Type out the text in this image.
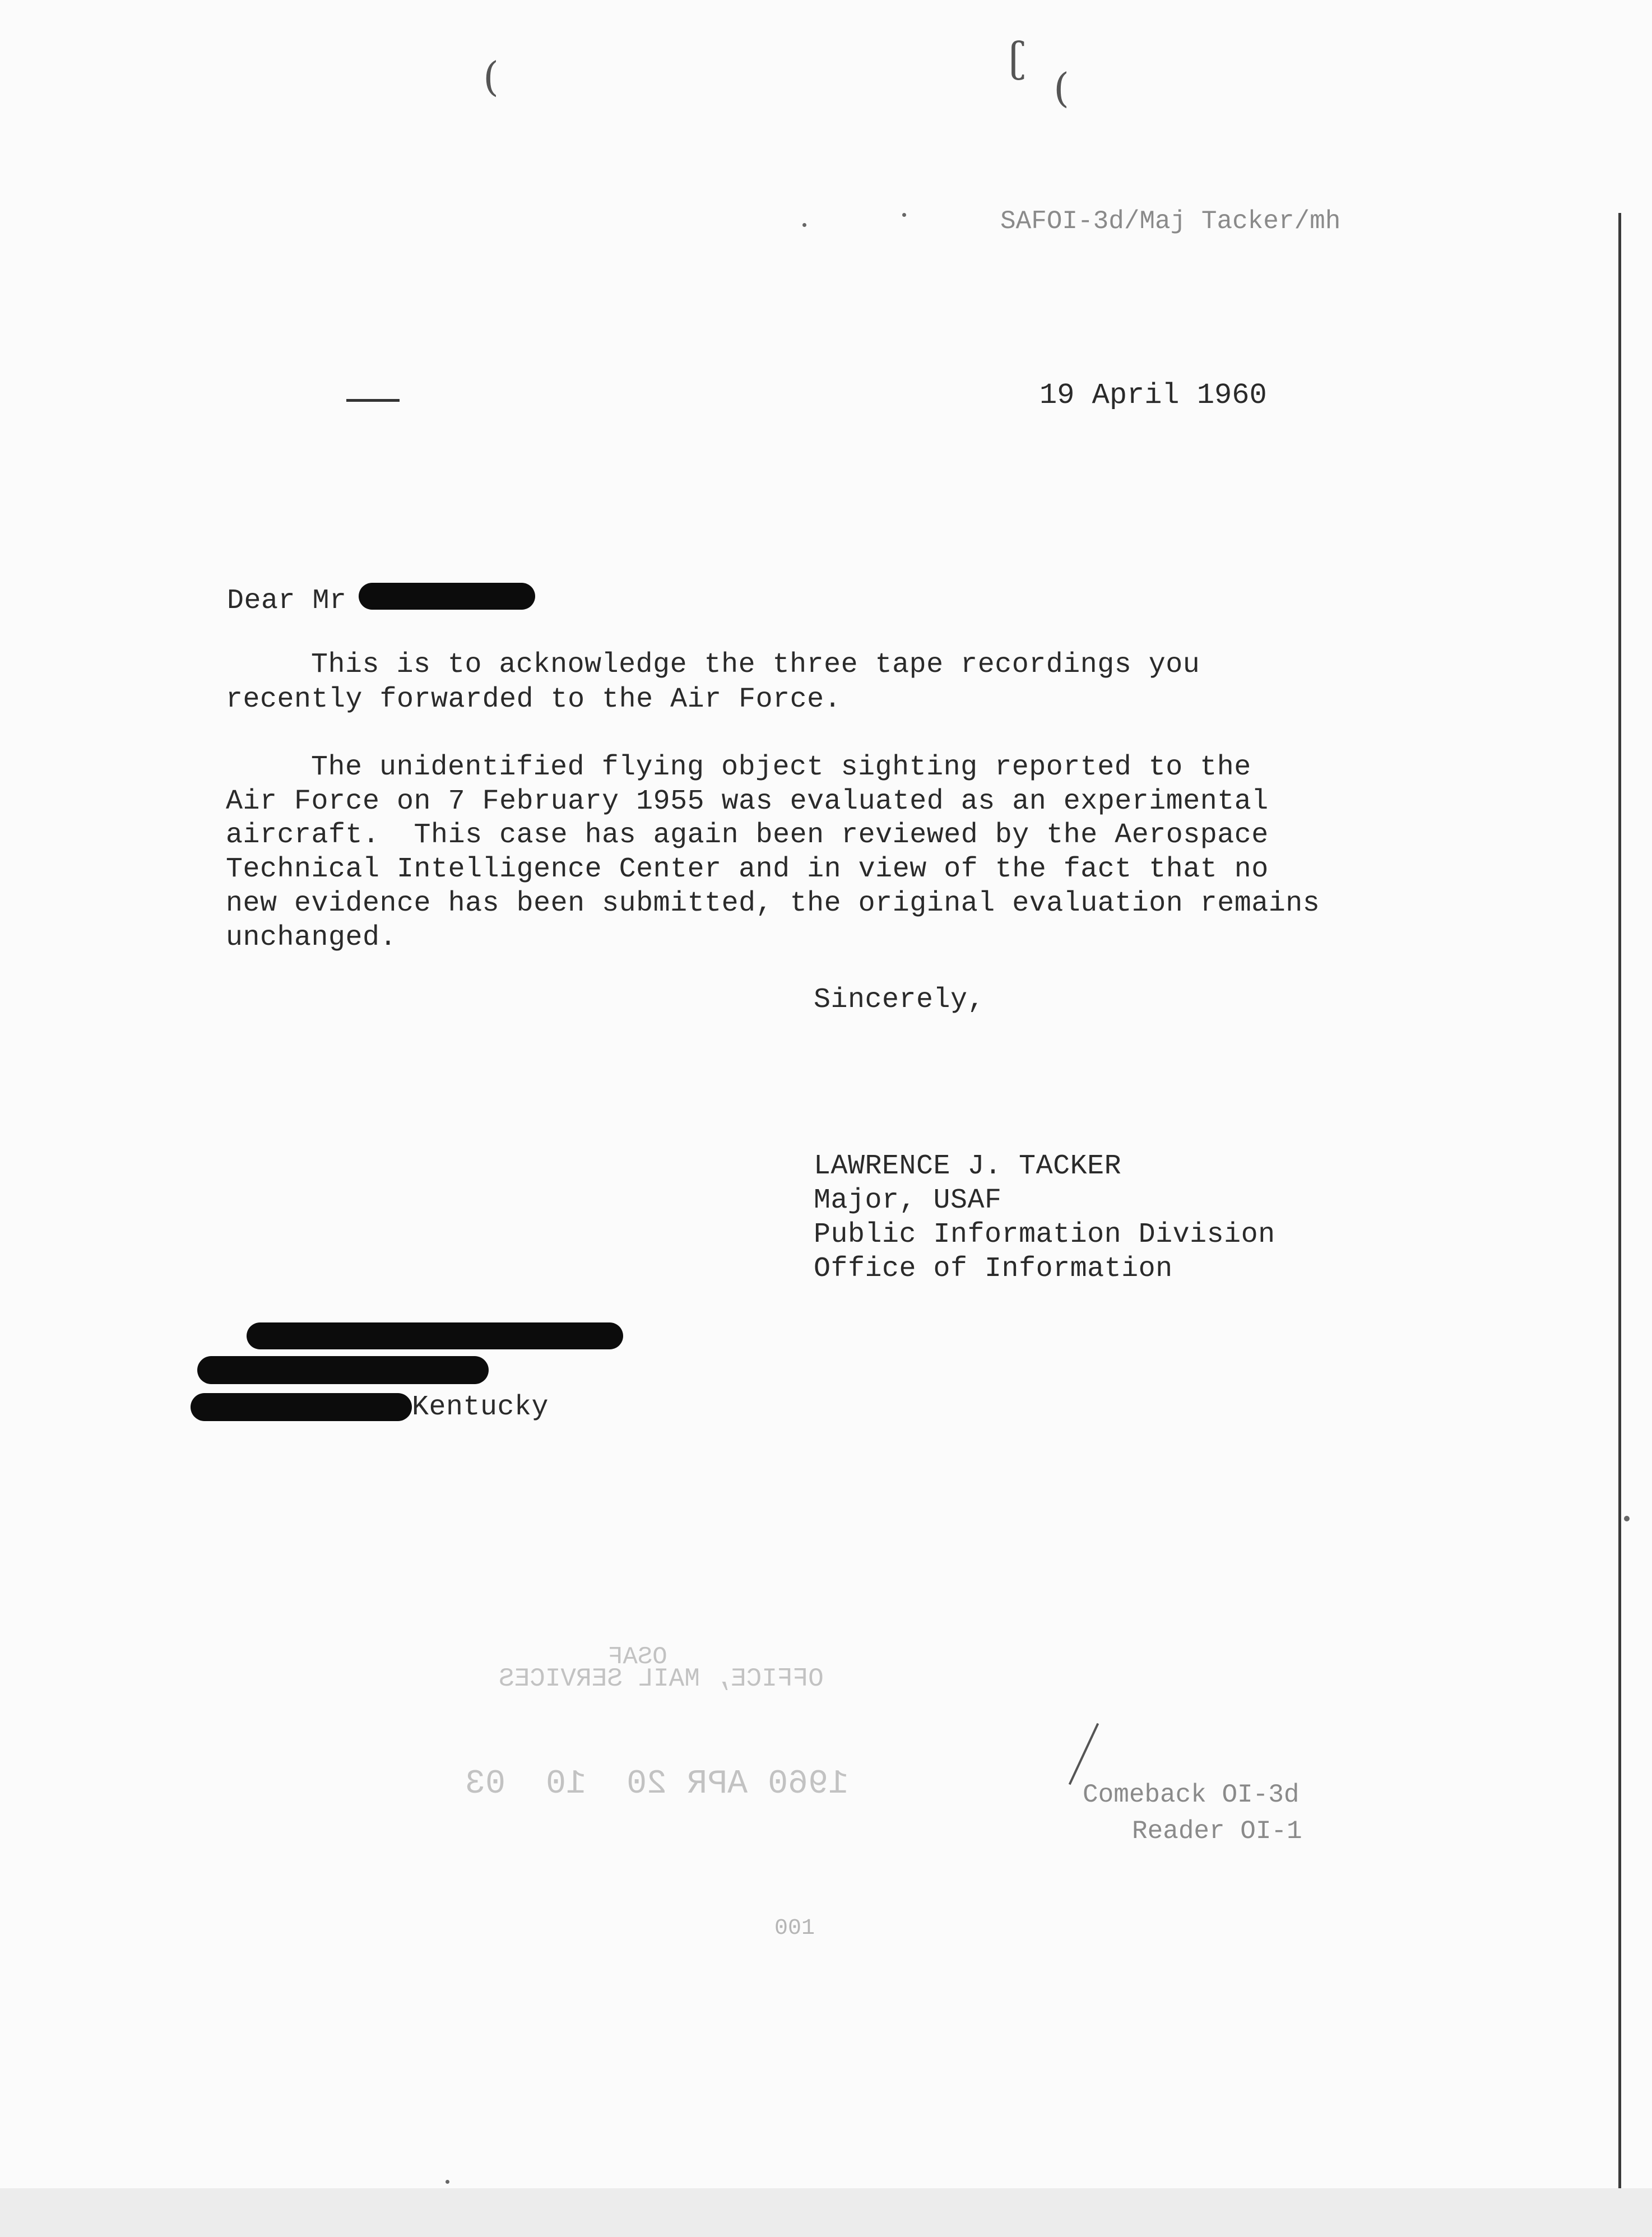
(	ʗ
(
SAFOI-3d/Maj Tacker/mh
19 April 1960
Dear Mr
This is to acknowledge the three tape recordings you
recently forwarded to the Air Force.
The unidentified flying object sighting reported to the
Air Force on 7 February 1955 was evaluated as an experimental
aircraft.  This case has again been reviewed by the Aerospace
Technical Intelligence Center and in view of the fact that no
new evidence has been submitted, the original evaluation remains
unchanged.
Sincerely,
LAWRENCE J. TACKER
Major, USAF
Public Information Division
Office of Information
Kentucky
OSAF
OFFICE, MAIL SERVICES
1960 APR 20  10  03	Comeback OI-3d
Reader OI-1
001
